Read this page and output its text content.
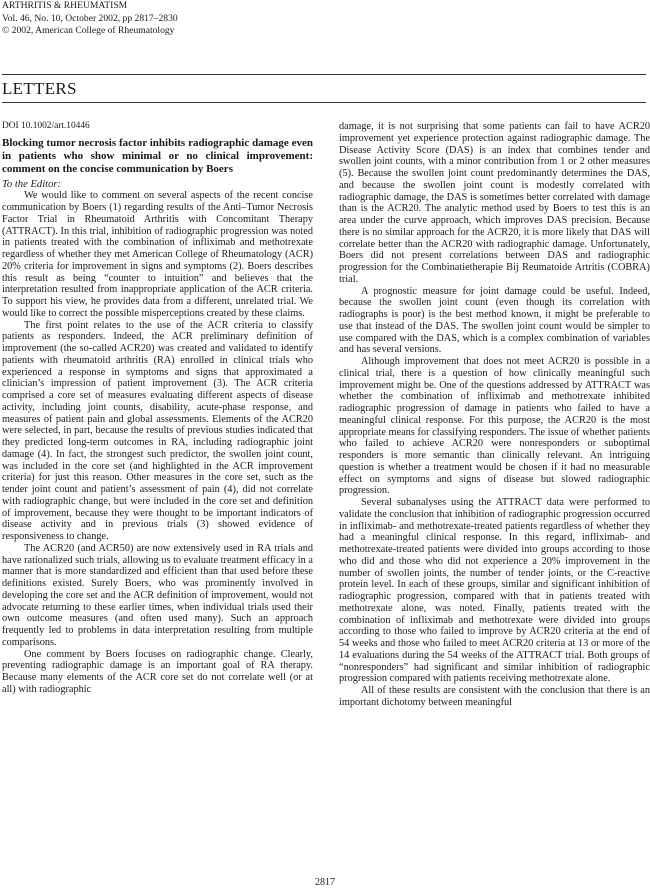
ARTHRITIS & RHEUMATISM
Vol. 46, No. 10, October 2002, pp 2817–2830
© 2002, American College of Rheumatology
LETTERS
DOI 10.1002/art.10446
Blocking tumor necrosis factor inhibits radiographic damage even in patients who show minimal or no clinical improvement: comment on the concise communication by Boers
To the Editor:

We would like to comment on several aspects of the recent concise communication by Boers (1) regarding results of the Anti–Tumor Necrosis Factor Trial in Rheumatoid Arthritis with Concomitant Therapy (ATTRACT). In this trial, inhibition of radiographic progression was noted in patients treated with the combination of infliximab and methotrexate regardless of whether they met American College of Rheumatology (ACR) 20% criteria for improvement in signs and symptoms (2). Boers describes this result as being “counter to intuition” and believes that the interpretation resulted from inappropriate application of the ACR criteria. To support his view, he provides data from a different, unrelated trial. We would like to correct the possible misperceptions created by these claims.

The first point relates to the use of the ACR criteria to classify patients as responders. Indeed, the ACR preliminary definition of improvement (the so-called ACR20) was created and validated to identify patients with rheumatoid arthritis (RA) enrolled in clinical trials who experienced a response in symptoms and signs that approximated a clinician’s impression of patient improvement (3). The ACR criteria comprised a core set of measures evaluating different aspects of disease activity, including joint counts, disability, acute-phase response, and measures of patient pain and global assessments. Elements of the ACR20 were selected, in part, because the results of previous studies indicated that they predicted long-term outcomes in RA, including radiographic joint damage (4). In fact, the strongest such predictor, the swollen joint count, was included in the core set (and highlighted in the ACR improvement criteria) for just this reason. Other measures in the core set, such as the tender joint count and patient’s assessment of pain (4), did not correlate with radiographic change, but were included in the core set and definition of improvement, because they were thought to be important indicators of disease activity and in previous trials (3) showed evidence of responsiveness to change.

The ACR20 (and ACR50) are now extensively used in RA trials and have rationalized such trials, allowing us to evaluate treatment efficacy in a manner that is more standardized and efficient than that used before these definitions existed. Surely Boers, who was prominently involved in developing the core set and the ACR definition of improvement, would not advocate returning to these earlier times, when individual trials used their own outcome measures (and often used many). Such an approach frequently led to problems in data interpretation resulting from multiple comparisons.

One comment by Boers focuses on radiographic change. Clearly, preventing radiographic damage is an important goal of RA therapy. Because many elements of the ACR core set do not correlate well (or at all) with radiographic

damage, it is not surprising that some patients can fail to have ACR20 improvement yet experience protection against radiographic damage. The Disease Activity Score (DAS) is an index that combines tender and swollen joint counts, with a minor contribution from 1 or 2 other measures (5). Because the swollen joint count predominantly determines the DAS, and because the swollen joint count is modestly correlated with radiographic damage, the DAS is sometimes better correlated with damage than is the ACR20. The analytic method used by Boers to test this is an area under the curve approach, which improves DAS precision. Because there is no similar approach for the ACR20, it is more likely that DAS will correlate better than the ACR20 with radiographic damage. Unfortunately, Boers did not present correlations between DAS and radiographic progression for the Combinatietherapie Bij Reumatoide Artritis (COBRA) trial.

A prognostic measure for joint damage could be useful. Indeed, because the swollen joint count (even though its correlation with radiographs is poor) is the best method known, it might be preferable to use that instead of the DAS. The swollen joint count would be simpler to use compared with the DAS, which is a complex combination of variables and has several versions.

Although improvement that does not meet ACR20 is possible in a clinical trial, there is a question of how clinically meaningful such improvement might be. One of the questions addressed by ATTRACT was whether the combination of infliximab and methotrexate inhibited radiographic progression of damage in patients who failed to have a meaningful clinical response. For this purpose, the ACR20 is the most appropriate means for classifying responders. The issue of whether patients who failed to achieve ACR20 were nonresponders or suboptimal responders is more semantic than clinically relevant. An intriguing question is whether a treatment would be chosen if it had no measurable effect on symptoms and signs of disease but slowed radiographic progression.

Several subanalyses using the ATTRACT data were performed to validate the conclusion that inhibition of radiographic progression occurred in infliximab- and methotrexate-treated patients regardless of whether they had a meaningful clinical response. In this regard, infliximab- and methotrexate-treated patients were divided into groups according to those who did and those who did not experience a 20% improvement in the number of swollen joints, the number of tender joints, or the C-reactive protein level. In each of these groups, similar and significant inhibition of radiographic progression, compared with that in patients treated with methotrexate alone, was noted. Finally, patients treated with the combination of infliximab and methotrexate were divided into groups according to those who failed to improve by ACR20 criteria at the end of 54 weeks and those who failed to meet ACR20 criteria at 13 or more of the 14 evaluations during the 54 weeks of the ATTRACT trial. Both groups of “nonresponders” had significant and similar inhibition of radiographic progression compared with patients receiving methotrexate alone.

All of these results are consistent with the conclusion that there is an important dichotomy between meaningful

2817
